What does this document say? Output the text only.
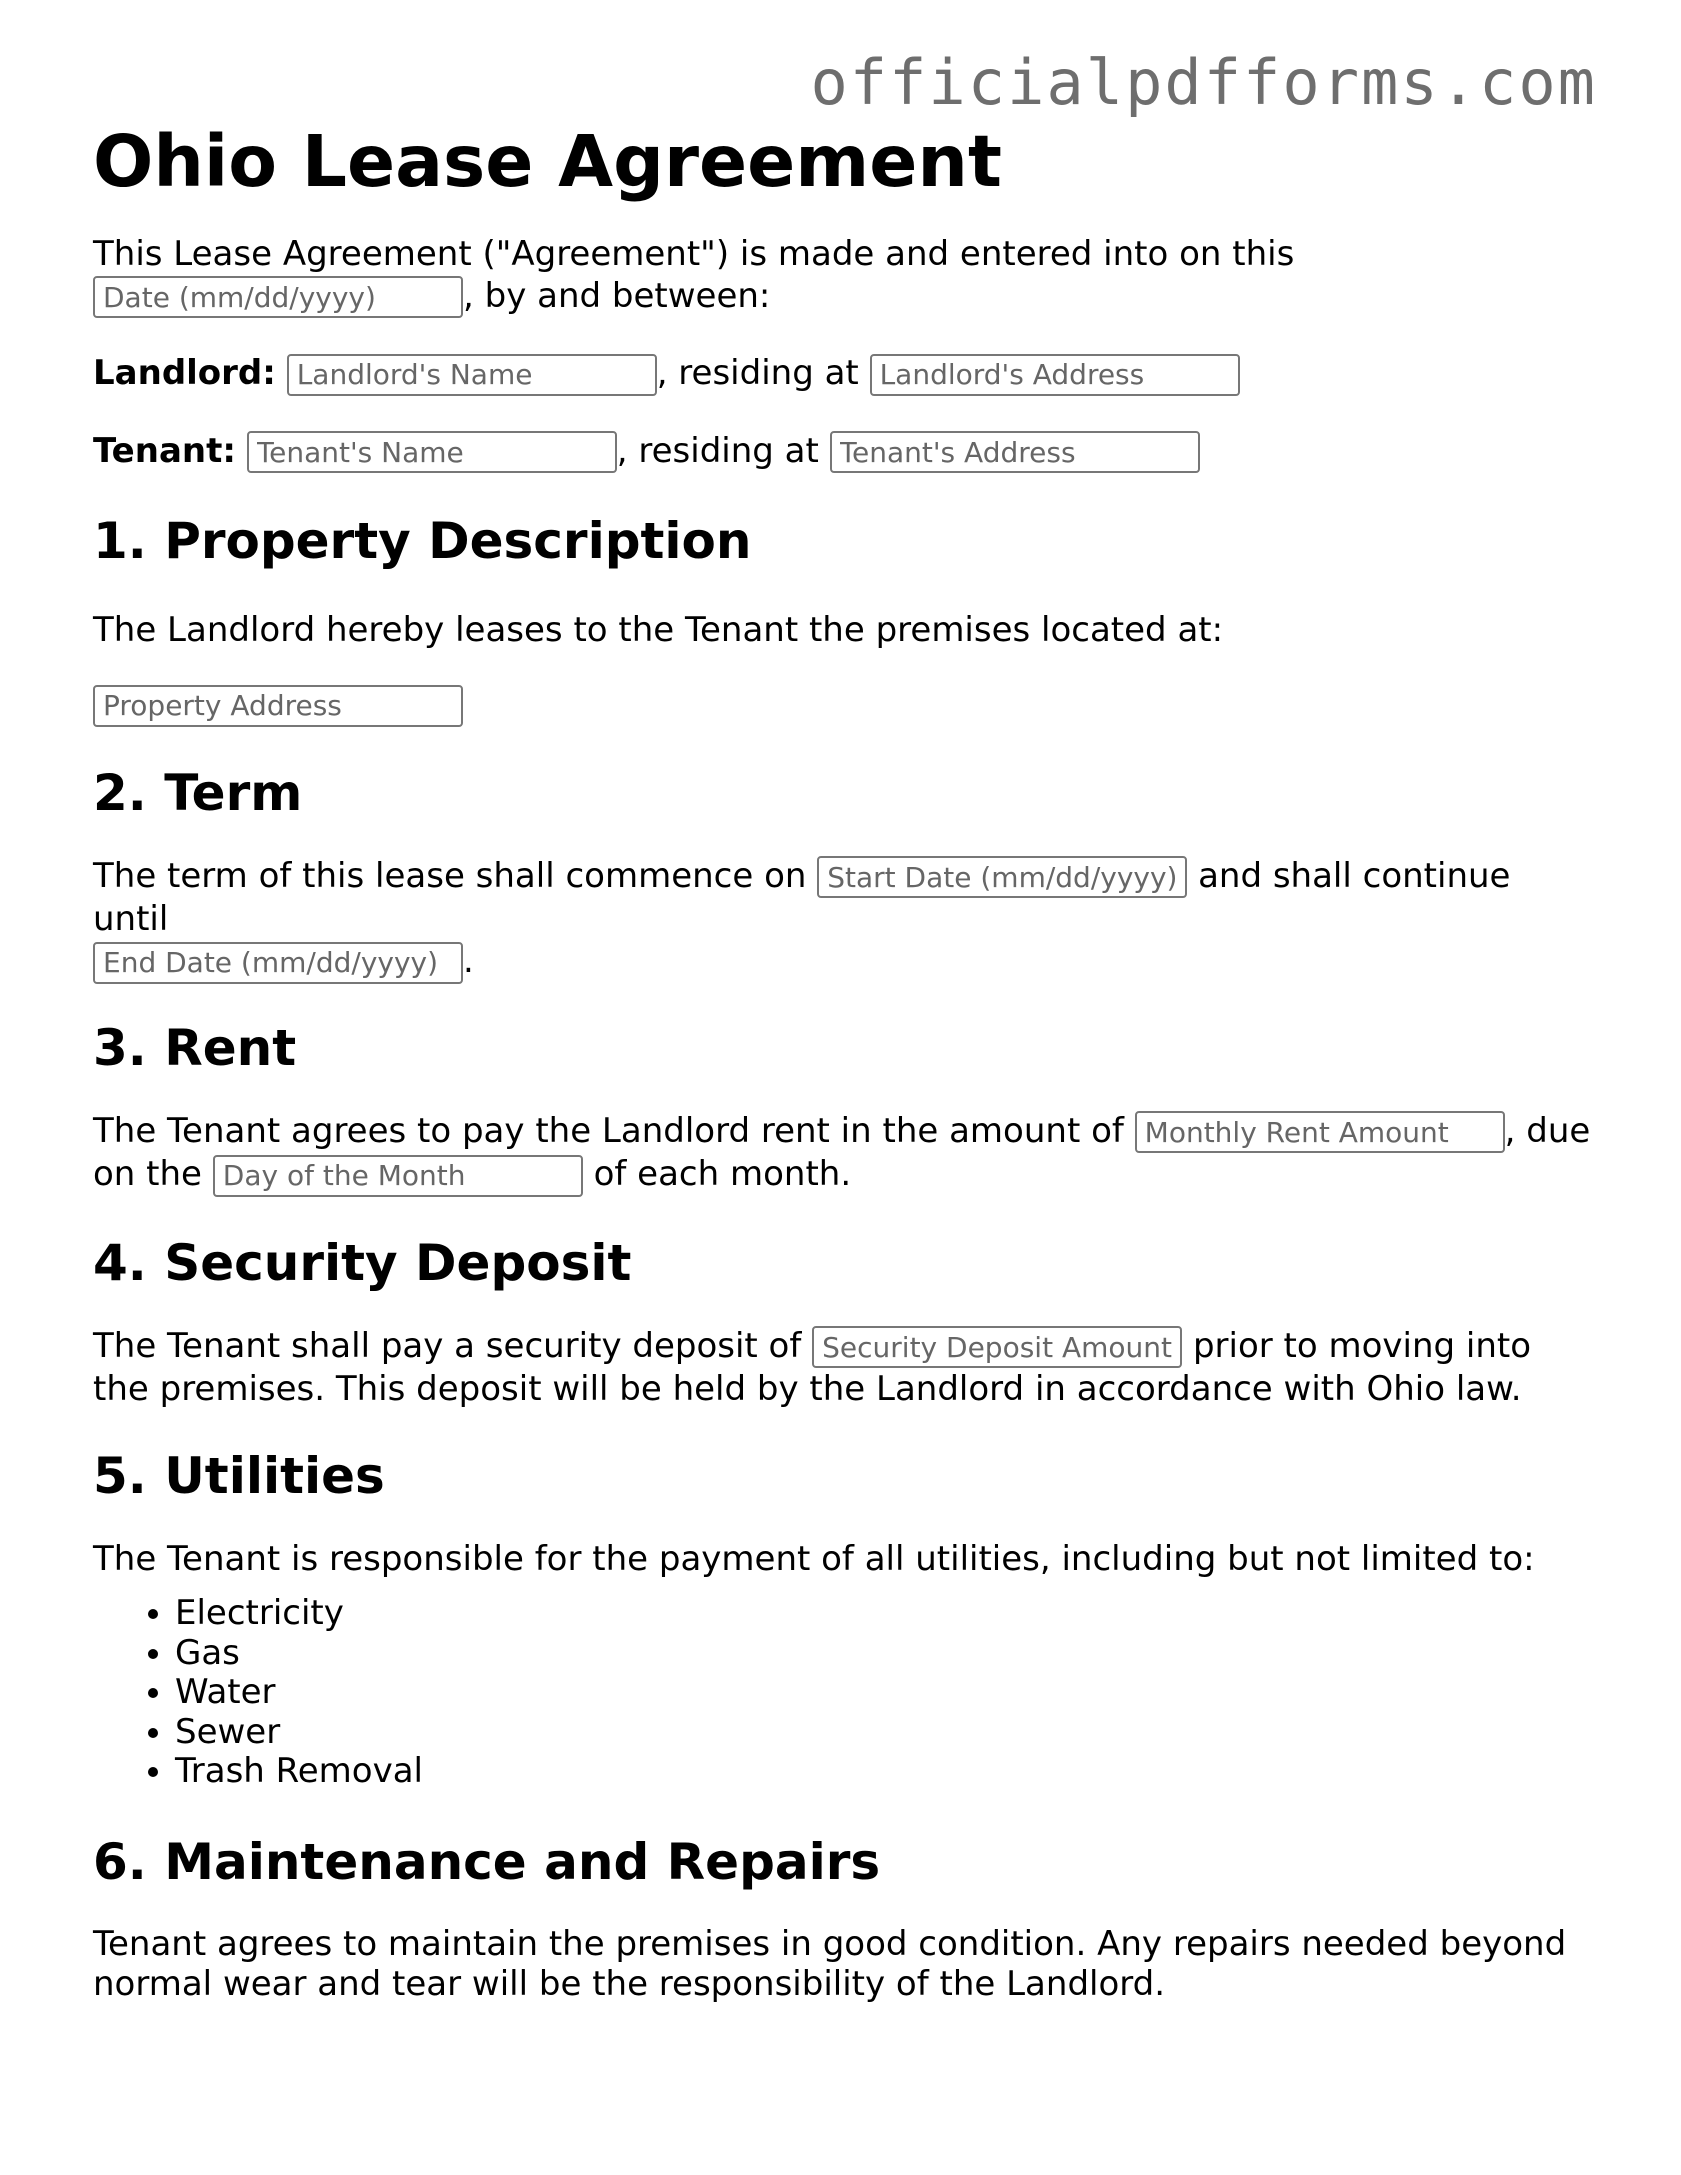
officialpdfforms.com
Ohio Lease Agreement

This Lease Agreement ("Agreement") is made and entered into on this
Date (mm/dd/yyyy), by and between:

Landlord: Landlord's Name	, residing at Landlord's Address

Tenant: Tenant's Name	, residing at Tenant's Address

1. Property Description

The Landlord hereby leases to the Tenant the premises located at:

Property Address

2. Term

The term of this lease shall commence on Start Date (mm/dd/yyyy)	and shall continue until
End Date (mm/dd/yyyy).

3. Rent

The Tenant agrees to pay the Landlord rent in the amount of Monthly Rent Amount	, due on the Day of the Month	of each month.

4. Security Deposit

The Tenant shall pay a security deposit of Security Deposit Amount	prior to moving into the premises. This deposit will be held by the Landlord in accordance with Ohio law.

5. Utilities

The Tenant is responsible for the payment of all utilities, including but not limited to:

• Electricity
• Gas
• Water
• Sewer
• Trash Removal
6. Maintenance and Repairs

Tenant agrees to maintain the premises in good condition. Any repairs needed beyond normal wear and tear will be the responsibility of the Landlord.
